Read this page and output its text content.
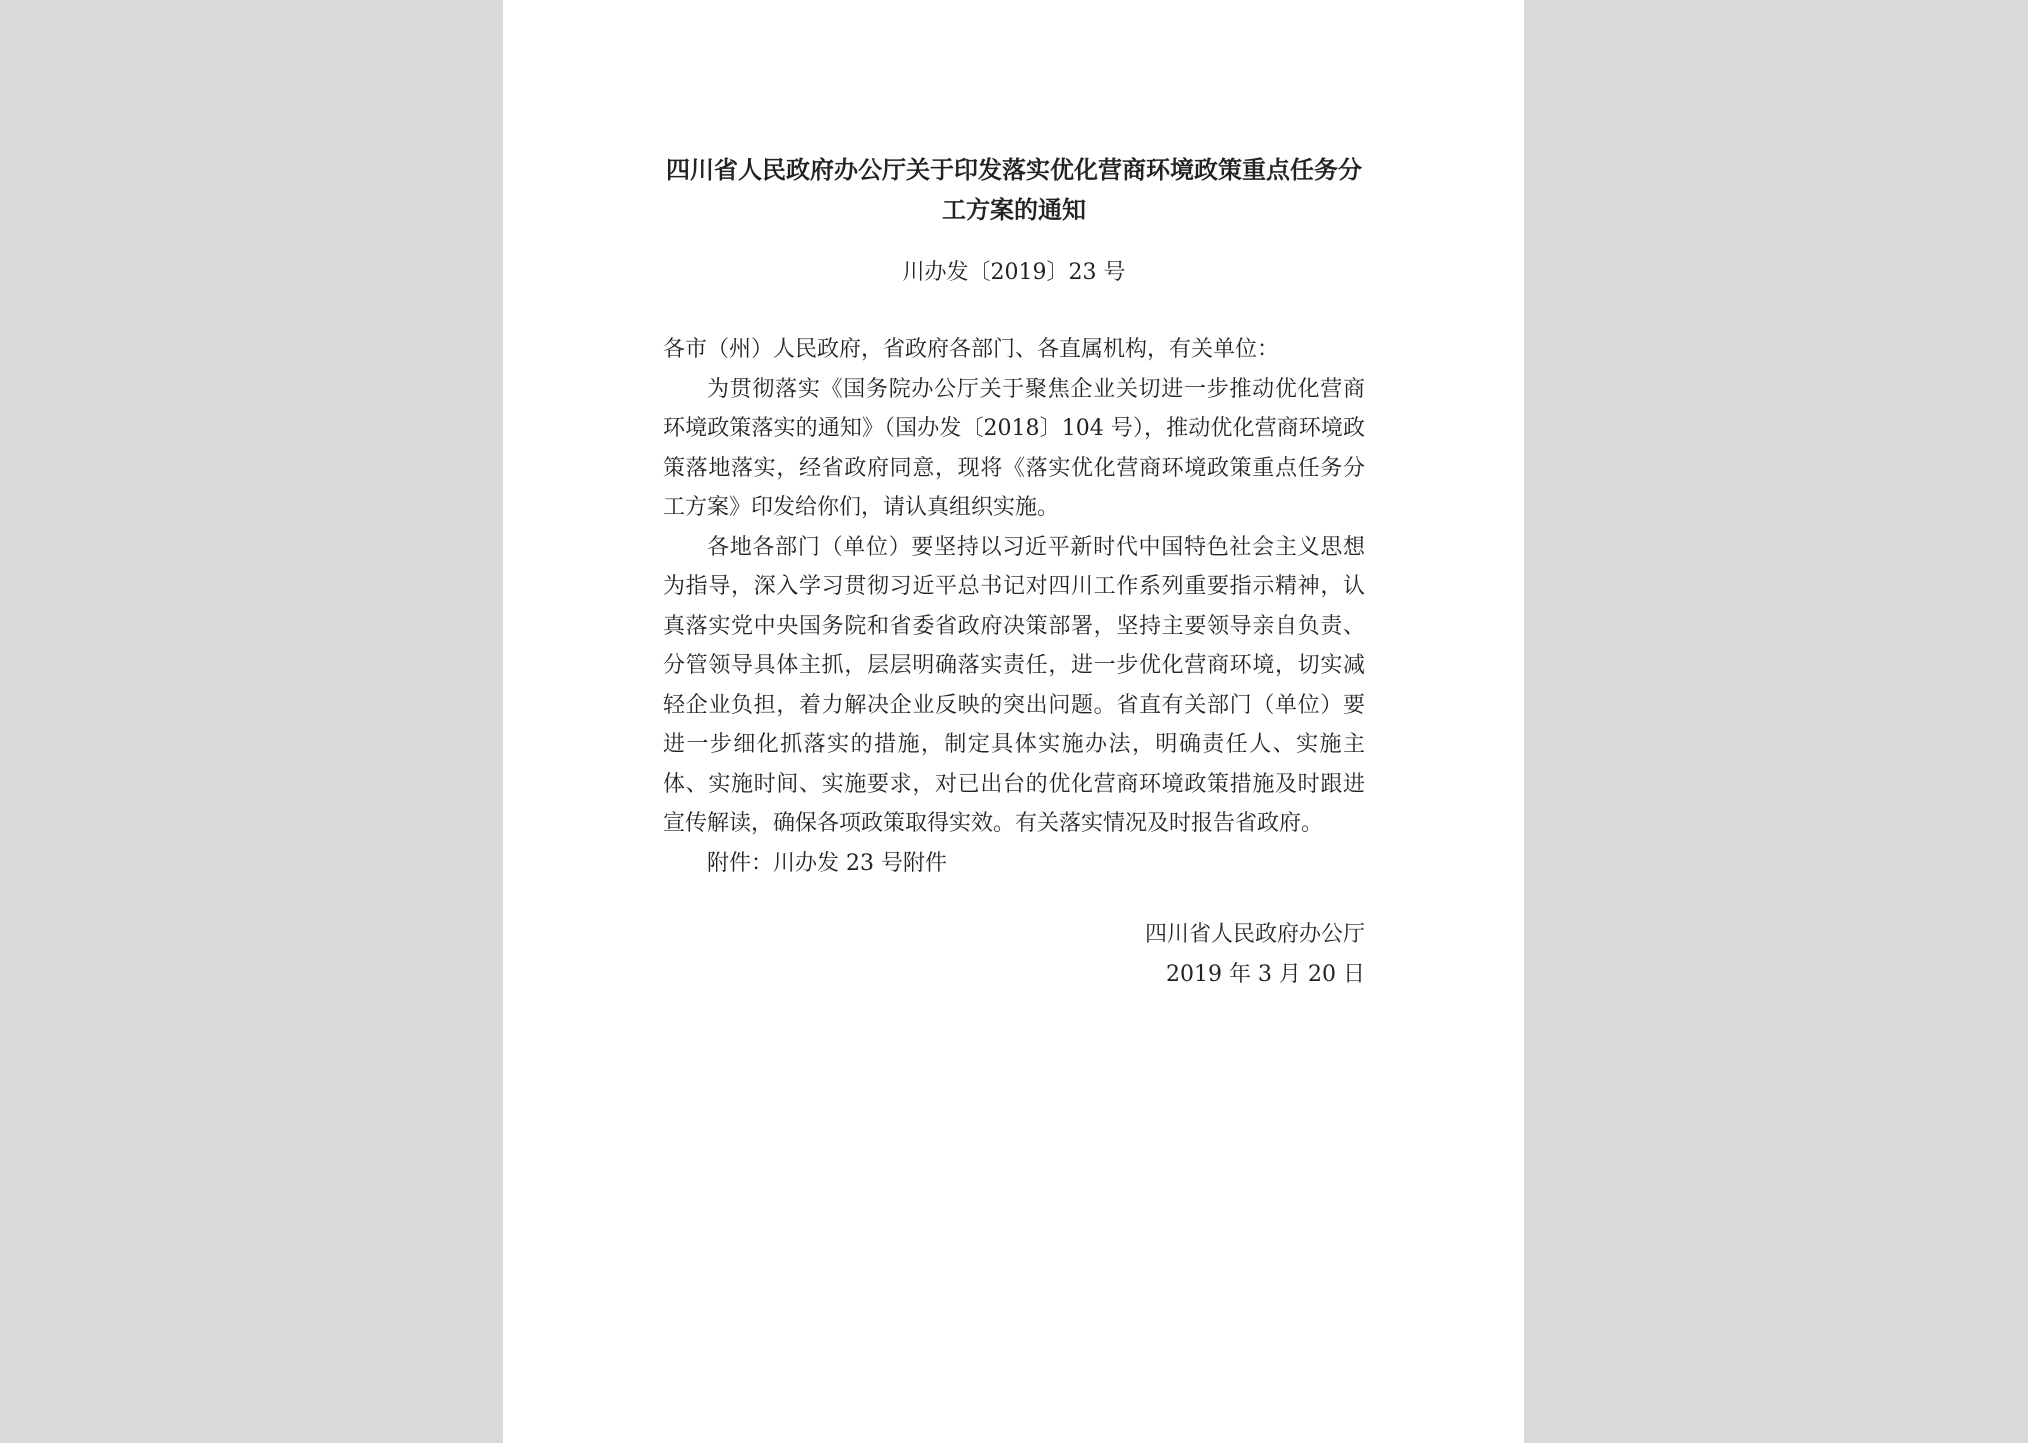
四川省人民政府办公厅关于印发落实优化营商环境政策重点任务分
工方案的通知
川办发〔2019〕23 号
各市（州）人民政府，省政府各部门、各直属机构，有关单位：

为贯彻落实《国务院办公厅关于聚焦企业关切进一步推动优化营商环境政策落实的通知》（国办发〔2018〕104 号），推动优化营商环境政策落地落实，经省政府同意，现将《落实优化营商环境政策重点任务分工方案》印发给你们，请认真组织实施。

各地各部门（单位）要坚持以习近平新时代中国特色社会主义思想为指导，深入学习贯彻习近平总书记对四川工作系列重要指示精神，认真落实党中央国务院和省委省政府决策部署，坚持主要领导亲自负责、分管领导具体主抓，层层明确落实责任，进一步优化营商环境，切实减轻企业负担，着力解决企业反映的突出问题。省直有关部门（单位）要进一步细化抓落实的措施，制定具体实施办法，明确责任人、实施主体、实施时间、实施要求，对已出台的优化营商环境政策措施及时跟进宣传解读，确保各项政策取得实效。有关落实情况及时报告省政府。

附件：川办发 23 号附件

四川省人民政府办公厅
2019 年 3 月 20 日
